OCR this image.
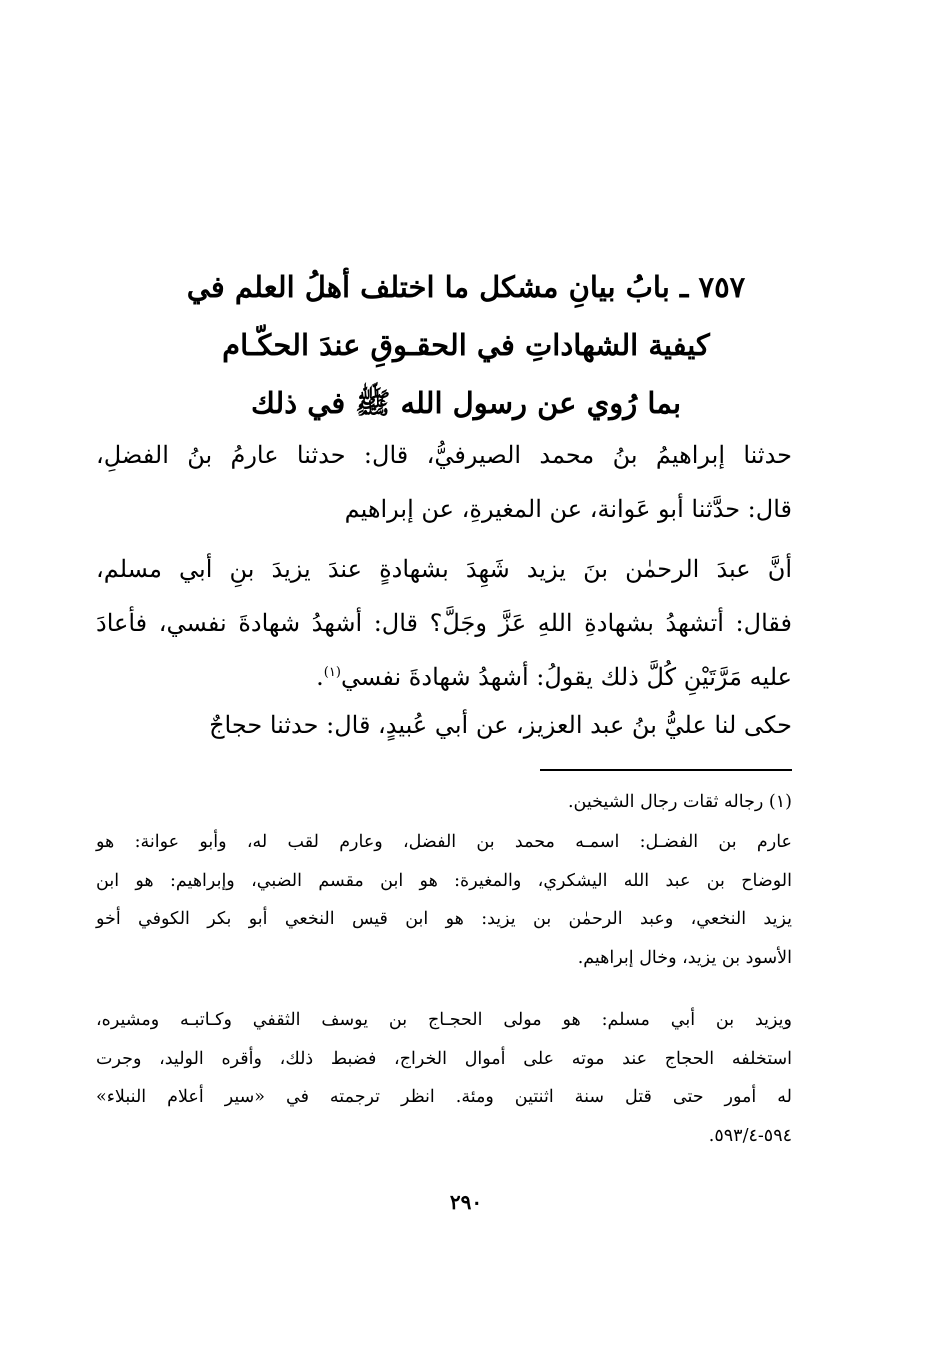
٧٥٧ ـ بابُ بيانِ مشكل ما اختلف أهلُ العلم في

كيفية الشهاداتِ في الحقـوقِ عندَ الحكّـام

بما رُوي عن رسول الله ﷺ في ذلك

حدثنا إبراهيمُ بنُ محمد الصيرفيُّ، قال: حدثنا عارمُ بنُ الفضلِ،

قال: حدَّثنا أبو عَوانة، عن المغيرةِ، عن إبراهيم

أنَّ عبدَ الرحمٰن بنَ يزيد شَهِدَ بشهادةٍ عندَ يزيدَ بنِ أبي مسلم،

فقال: أتشهدُ بشهادةِ اللهِ عَزَّ وجَلَّ؟ قال: أشهدُ شهادةَ نفسي، فأعادَ

عليه مَرَّتَيْنِ كُلَّ ذلك يقولُ: أشهدُ شهادةَ نفسي$^{(١)}$.

حكى لنا عليُّ بنُ عبد العزيز، عن أبي عُبيدٍ، قال: حدثنا حجاجٌ

(١) رجاله ثقات رجال الشيخين.

عارم بن الفضـل: اسمـه محمد بن الفضل، وعارم لقب له، وأبو عوانة: هو

الوضاح بن عبد الله اليشكري، والمغيرة: هو ابن مقسم الضبي، وإبراهيم: هو ابن

يزيد النخعي، وعبد الرحمٰن بن يزيد: هو ابن قيس النخعي أبو بكر الكوفي أخو

الأسود بن يزيد، وخال إبراهيم.

ويزيد بن أبي مسلم: هو مولى الحجـاج بن يوسف الثقفي وكـاتبـه ومشيره،

استخلفه الحجاج عند موته على أموال الخراج، فضبط ذلك، وأقره الوليد، وجرت

له أمور حتى قتل سنة اثنتين ومئة. انظر ترجمته في «سير أعلام النبلاء»

٥٩٤-٥٩٣/٤.

٢٩٠
